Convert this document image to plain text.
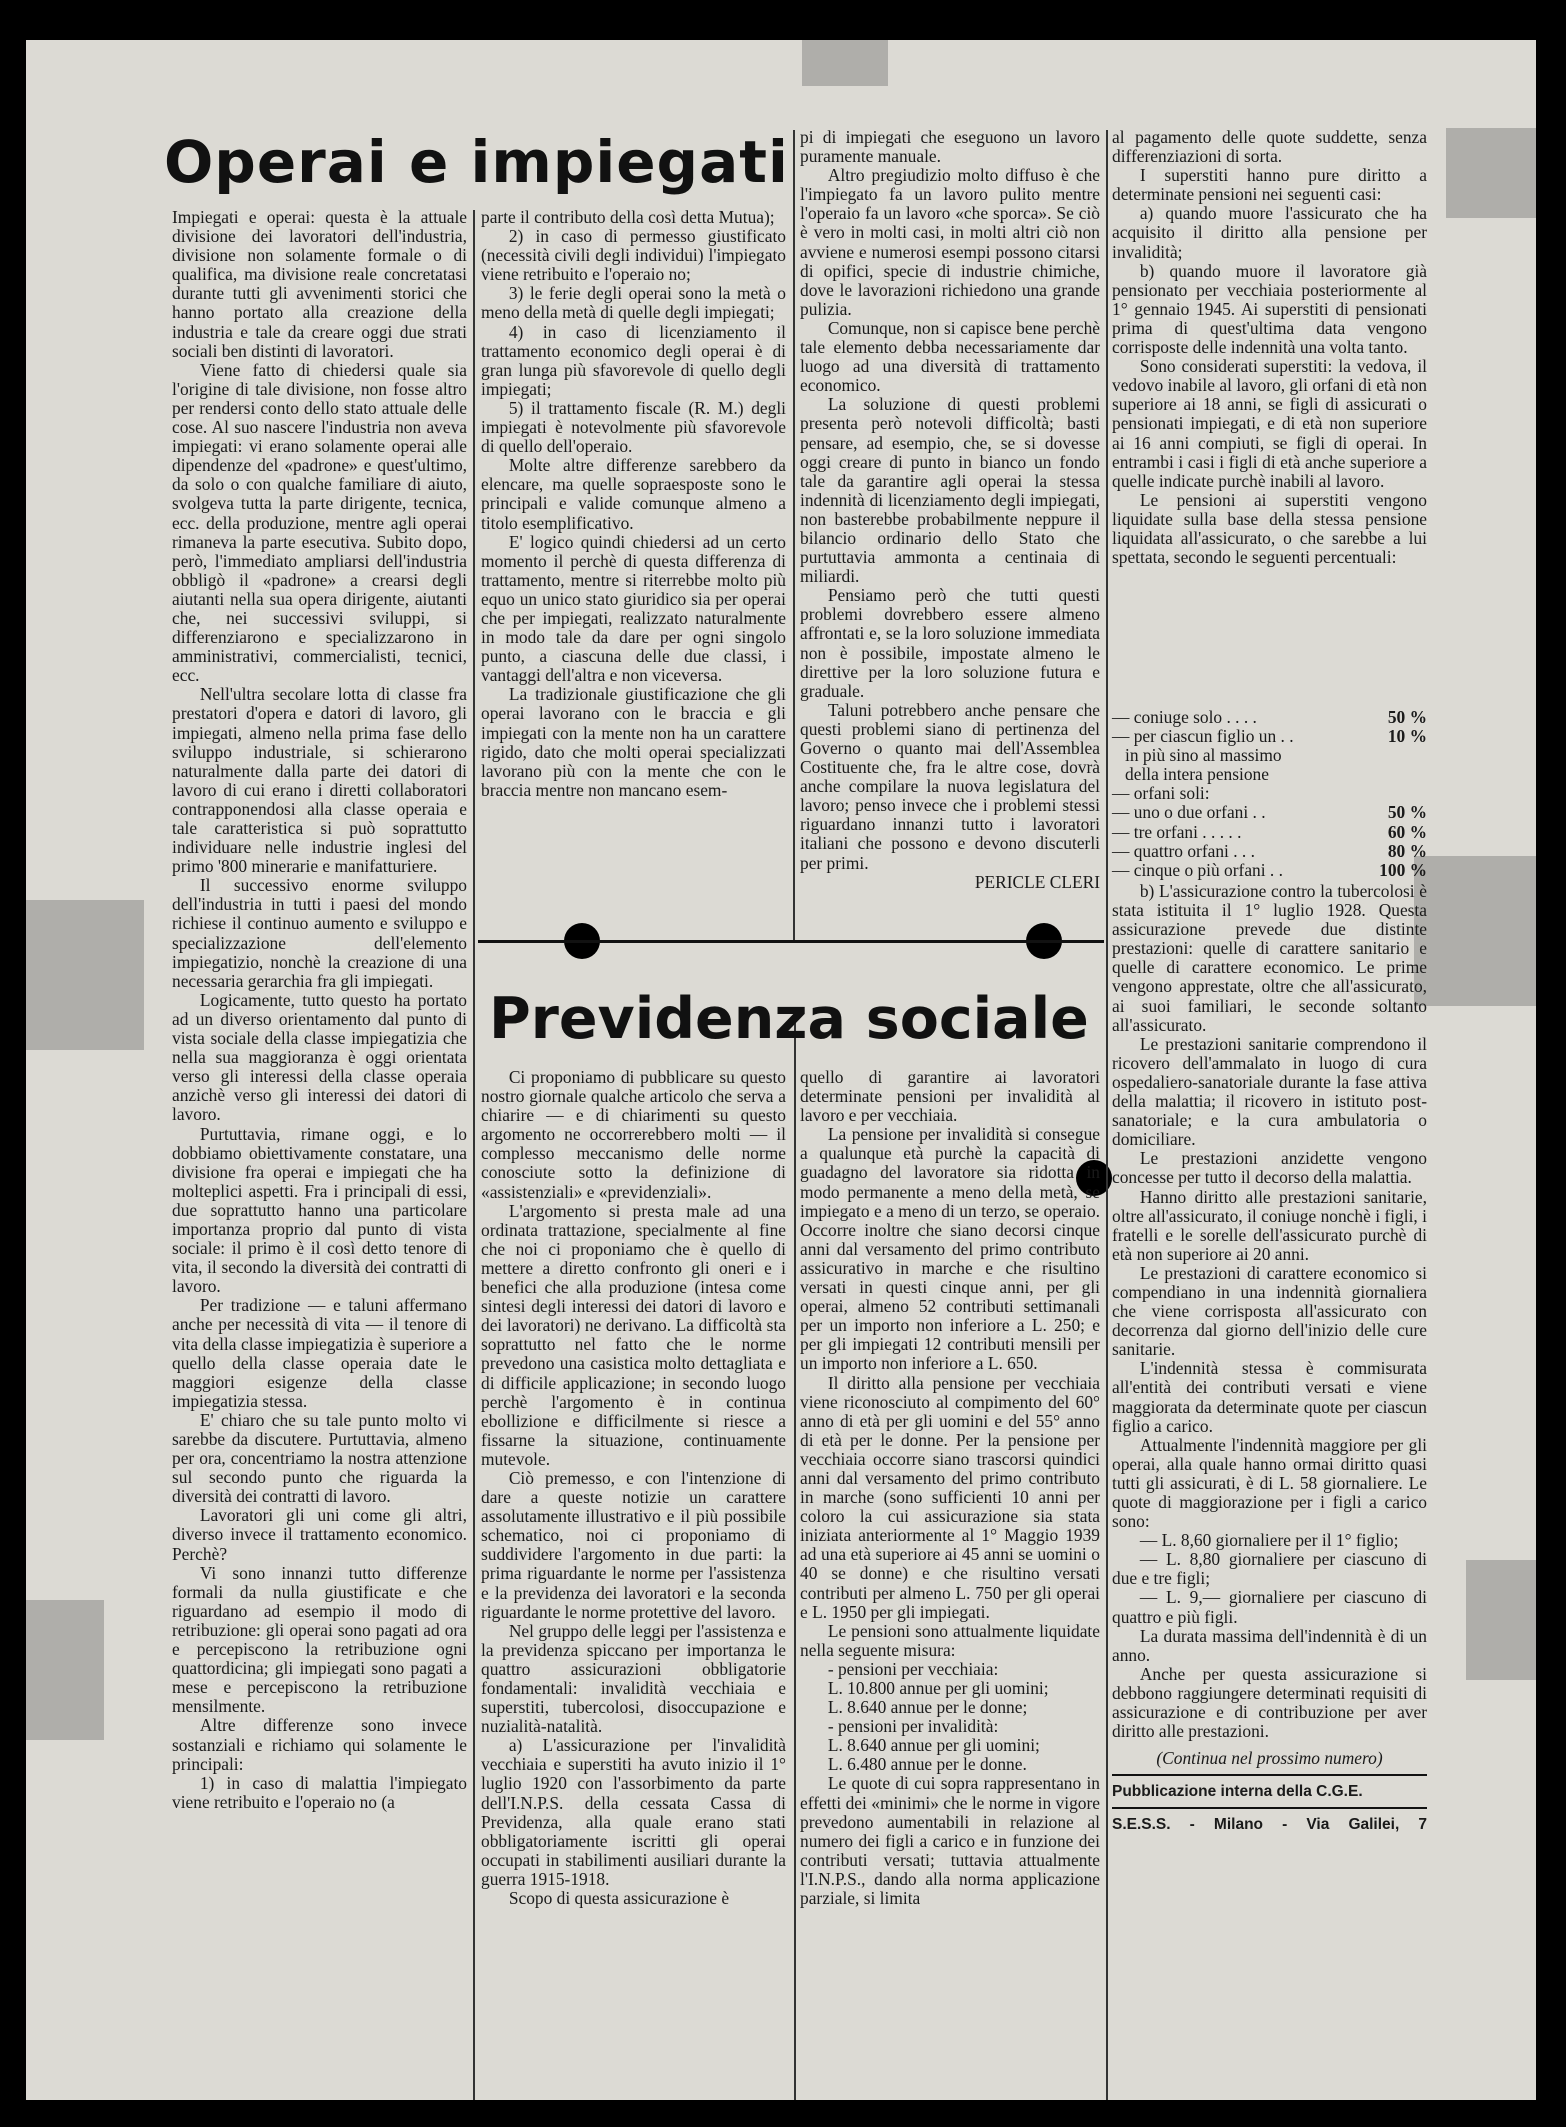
Operai e impiegati
Previdenza sociale

Impiegati e operai: questa è la attuale divisione dei lavoratori dell'industria, divisione non solamente formale o di qualifica, ma divisione reale concretatasi durante tutti gli avvenimenti storici che hanno portato alla creazione della industria e tale da creare oggi due strati sociali ben distinti di lavoratori.

Viene fatto di chiedersi quale sia l'origine di tale divisione, non fosse altro per rendersi conto dello stato attuale delle cose. Al suo nascere l'industria non aveva impiegati: vi erano solamente operai alle dipendenze del «padrone» e quest'ultimo, da solo o con qualche familiare di aiuto, svolgeva tutta la parte dirigente, tecnica, ecc. della produzione, mentre agli operai rimaneva la parte esecutiva. Subito dopo, però, l'immediato ampliarsi dell'industria obbligò il «padrone» a crearsi degli aiutanti nella sua opera dirigente, aiutanti che, nei successivi sviluppi, si differenziarono e specializzarono in amministrativi, commercialisti, tecnici, ecc.

Nell'ultra secolare lotta di classe fra prestatori d'opera e datori di lavoro, gli impiegati, almeno nella prima fase dello sviluppo industriale, si schierarono naturalmente dalla parte dei datori di lavoro di cui erano i diretti collaboratori contrapponendosi alla classe operaia e tale caratteristica si può soprattutto individuare nelle industrie inglesi del primo '800 minerarie e manifatturiere.

Il successivo enorme sviluppo dell'industria in tutti i paesi del mondo richiese il continuo aumento e sviluppo e specializzazione dell'elemento impiegatizio, nonchè la creazione di una necessaria gerarchia fra gli impiegati.

Logicamente, tutto questo ha portato ad un diverso orientamento dal punto di vista sociale della classe impiegatizia che nella sua maggioranza è oggi orientata verso gli interessi della classe operaia anzichè verso gli interessi dei datori di lavoro.

Purtuttavia, rimane oggi, e lo dobbiamo obiettivamente constatare, una divisione fra operai e impiegati che ha molteplici aspetti. Fra i principali di essi, due soprattutto hanno una particolare importanza proprio dal punto di vista sociale: il primo è il così detto tenore di vita, il secondo la diversità dei contratti di lavoro.

Per tradizione — e taluni affermano anche per necessità di vita — il tenore di vita della classe impiegatizia è superiore a quello della classe operaia date le maggiori esigenze della classe impiegatizia stessa.

E' chiaro che su tale punto molto vi sarebbe da discutere. Purtuttavia, almeno per ora, concentriamo la nostra attenzione sul secondo punto che riguarda la diversità dei contratti di lavoro.

Lavoratori gli uni come gli altri, diverso invece il trattamento economico. Perchè?

Vi sono innanzi tutto differenze formali da nulla giustificate e che riguardano ad esempio il modo di retribuzione: gli operai sono pagati ad ora e percepiscono la retribuzione ogni quattordicina; gli impiegati sono pagati a mese e percepiscono la retribuzione mensilmente.

Altre differenze sono invece sostanziali e richiamo qui solamente le principali:

1) in caso di malattia l'impiegato viene retribuito e l'operaio no (a

parte il contributo della così detta Mutua);

2) in caso di permesso giustificato (necessità civili degli individui) l'impiegato viene retribuito e l'operaio no;

3) le ferie degli operai sono la metà o meno della metà di quelle degli impiegati;

4) in caso di licenziamento il trattamento economico degli operai è di gran lunga più sfavorevole di quello degli impiegati;

5) il trattamento fiscale (R. M.) degli impiegati è notevolmente più sfavorevole di quello dell'operaio.

Molte altre differenze sarebbero da elencare, ma quelle sopraesposte sono le principali e valide comunque almeno a titolo esemplificativo.

E' logico quindi chiedersi ad un certo momento il perchè di questa differenza di trattamento, mentre si riterrebbe molto più equo un unico stato giuridico sia per operai che per impiegati, realizzato naturalmente in modo tale da dare per ogni singolo punto, a ciascuna delle due classi, i vantaggi dell'altra e non viceversa.

La tradizionale giustificazione che gli operai lavorano con le braccia e gli impiegati con la mente non ha un carattere rigido, dato che molti operai specializzati lavorano più con la mente che con le braccia mentre non mancano esem-

pi di impiegati che eseguono un lavoro puramente manuale.

Altro pregiudizio molto diffuso è che l'impiegato fa un lavoro pulito mentre l'operaio fa un lavoro «che sporca». Se ciò è vero in molti casi, in molti altri ciò non avviene e numerosi esempi possono citarsi di opifici, specie di industrie chimiche, dove le lavorazioni richiedono una grande pulizia.

Comunque, non si capisce bene perchè tale elemento debba necessariamente dar luogo ad una diversità di trattamento economico.

La soluzione di questi problemi presenta però notevoli difficoltà; basti pensare, ad esempio, che, se si dovesse oggi creare di punto in bianco un fondo tale da garantire agli operai la stessa indennità di licenziamento degli impiegati, non basterebbe probabilmente neppure il bilancio ordinario dello Stato che purtuttavia ammonta a centinaia di miliardi.

Pensiamo però che tutti questi problemi dovrebbero essere almeno affrontati e, se la loro soluzione immediata non è possibile, impostate almeno le direttive per la loro soluzione futura e graduale.

Taluni potrebbero anche pensare che questi problemi siano di pertinenza del Governo o quanto mai dell'Assemblea Costituente che, fra le altre cose, dovrà anche compilare la nuova legislatura del lavoro; penso invece che i problemi stessi riguardano innanzi tutto i lavoratori italiani che possono e devono discuterli per primi.

PERICLE CLERI

al pagamento delle quote suddette, senza differenziazioni di sorta.

I superstiti hanno pure diritto a determinate pensioni nei seguenti casi:

a) quando muore l'assicurato che ha acquisito il diritto alla pensione per invalidità;

b) quando muore il lavoratore già pensionato per vecchiaia posteriormente al 1° gennaio 1945. Ai superstiti di pensionati prima di quest'ultima data vengono corrisposte delle indennità una volta tanto.

Sono considerati superstiti: la vedova, il vedovo inabile al lavoro, gli orfani di età non superiore ai 18 anni, se figli di assicurati o pensionati impiegati, e di età non superiore ai 16 anni compiuti, se figli di operai. In entrambi i casi i figli di età anche superiore a quelle indicate purchè inabili al lavoro.

Le pensioni ai superstiti vengono liquidate sulla base della stessa pensione liquidata all'assicurato, o che sarebbe a lui spettata, secondo le seguenti percentuali:

— coniuge solo . . . .	50 %
— per ciascun figlio un . .	10 %
in più sino al massimo
della intera pensione
— orfani soli:
— uno o due orfani . .	50 %
— tre orfani . . . . .	60 %
— quattro orfani . . .	80 %
— cinque o più orfani . .	100 %

b) L'assicurazione contro la tubercolosi è stata istituita il 1° luglio 1928. Questa assicurazione prevede due distinte prestazioni: quelle di carattere sanitario e quelle di carattere economico. Le prime vengono apprestate, oltre che all'assicurato, ai suoi familiari, le seconde soltanto all'assicurato.

Le prestazioni sanitarie comprendono il ricovero dell'ammalato in luogo di cura ospedaliero-sanatoriale durante la fase attiva della malattia; il ricovero in istituto post-sanatoriale; e la cura ambulatoria o domiciliare.

Le prestazioni anzidette vengono concesse per tutto il decorso della malattia.

Hanno diritto alle prestazioni sanitarie, oltre all'assicurato, il coniuge nonchè i figli, i fratelli e le sorelle dell'assicurato purchè di età non superiore ai 20 anni.

Le prestazioni di carattere economico si compendiano in una indennità giornaliera che viene corrisposta all'assicurato con decorrenza dal giorno dell'inizio delle cure sanitarie.

L'indennità stessa è commisurata all'entità dei contributi versati e viene maggiorata da determinate quote per ciascun figlio a carico.

Attualmente l'indennità maggiore per gli operai, alla quale hanno ormai diritto quasi tutti gli assicurati, è di L. 58 giornaliere. Le quote di maggiorazione per i figli a carico sono:

— L. 8,60 giornaliere per il 1° figlio;

— L. 8,80 giornaliere per ciascuno di due e tre figli;

— L. 9,— giornaliere per ciascuno di quattro e più figli.

La durata massima dell'indennità è di un anno.

Anche per questa assicurazione si debbono raggiungere determinati requisiti di assicurazione e di contribuzione per aver diritto alle prestazioni.

(Continua nel prossimo numero)

Pubblicazione interna della C.G.E.

S.E.S.S. - Milano - Via Galilei, 7

Ci proponiamo di pubblicare su questo nostro giornale qualche articolo che serva a chiarire — e di chiarimenti su questo argomento ne occorrerebbero molti — il complesso meccanismo delle norme conosciute sotto la definizione di «assistenziali» e «previdenziali».

L'argomento si presta male ad una ordinata trattazione, specialmente al fine che noi ci proponiamo che è quello di mettere a diretto confronto gli oneri e i benefici che alla produzione (intesa come sintesi degli interessi dei datori di lavoro e dei lavoratori) ne derivano. La difficoltà sta soprattutto nel fatto che le norme prevedono una casistica molto dettagliata e di difficile applicazione; in secondo luogo perchè l'argomento è in continua ebollizione e difficilmente si riesce a fissarne la situazione, continuamente mutevole.

Ciò premesso, e con l'intenzione di dare a queste notizie un carattere assolutamente illustrativo e il più possibile schematico, noi ci proponiamo di suddividere l'argomento in due parti: la prima riguardante le norme per l'assistenza e la previdenza dei lavoratori e la seconda riguardante le norme protettive del lavoro.

Nel gruppo delle leggi per l'assistenza e la previdenza spiccano per importanza le quattro assicurazioni obbligatorie fondamentali: invalidità vecchiaia e superstiti, tubercolosi, disoccupazione e nuzialità-natalità.

a) L'assicurazione per l'invalidità vecchiaia e superstiti ha avuto inizio il 1° luglio 1920 con l'assorbimento da parte dell'I.N.P.S. della cessata Cassa di Previdenza, alla quale erano stati obbligatoriamente iscritti gli operai occupati in stabilimenti ausiliari durante la guerra 1915-1918.

Scopo di questa assicurazione è

quello di garantire ai lavoratori determinate pensioni per invalidità al lavoro e per vecchiaia.

La pensione per invalidità si consegue a qualunque età purchè la capacità di guadagno del lavoratore sia ridotta in modo permanente a meno della metà, se impiegato e a meno di un terzo, se operaio. Occorre inoltre che siano decorsi cinque anni dal versamento del primo contributo assicurativo in marche e che risultino versati in questi cinque anni, per gli operai, almeno 52 contributi settimanali per un importo non inferiore a L. 250; e per gli impiegati 12 contributi mensili per un importo non inferiore a L. 650.

Il diritto alla pensione per vecchiaia viene riconosciuto al compimento del 60° anno di età per gli uomini e del 55° anno di età per le donne. Per la pensione per vecchiaia occorre siano trascorsi quindici anni dal versamento del primo contributo in marche (sono sufficienti 10 anni per coloro la cui assicurazione sia stata iniziata anteriormente al 1° Maggio 1939 ad una età superiore ai 45 anni se uomini o 40 se donne) e che risultino versati contributi per almeno L. 750 per gli operai e L. 1950 per gli impiegati.

Le pensioni sono attualmente liquidate nella seguente misura:

- pensioni per vecchiaia:

L. 10.800 annue per gli uomini;

L. 8.640 annue per le donne;

- pensioni per invalidità:

L. 8.640 annue per gli uomini;

L. 6.480 annue per le donne.

Le quote di cui sopra rappresentano in effetti dei «minimi» che le norme in vigore prevedono aumentabili in relazione al numero dei figli a carico e in funzione dei contributi versati; tuttavia attualmente l'I.N.P.S., dando alla norma applicazione parziale, si limita
